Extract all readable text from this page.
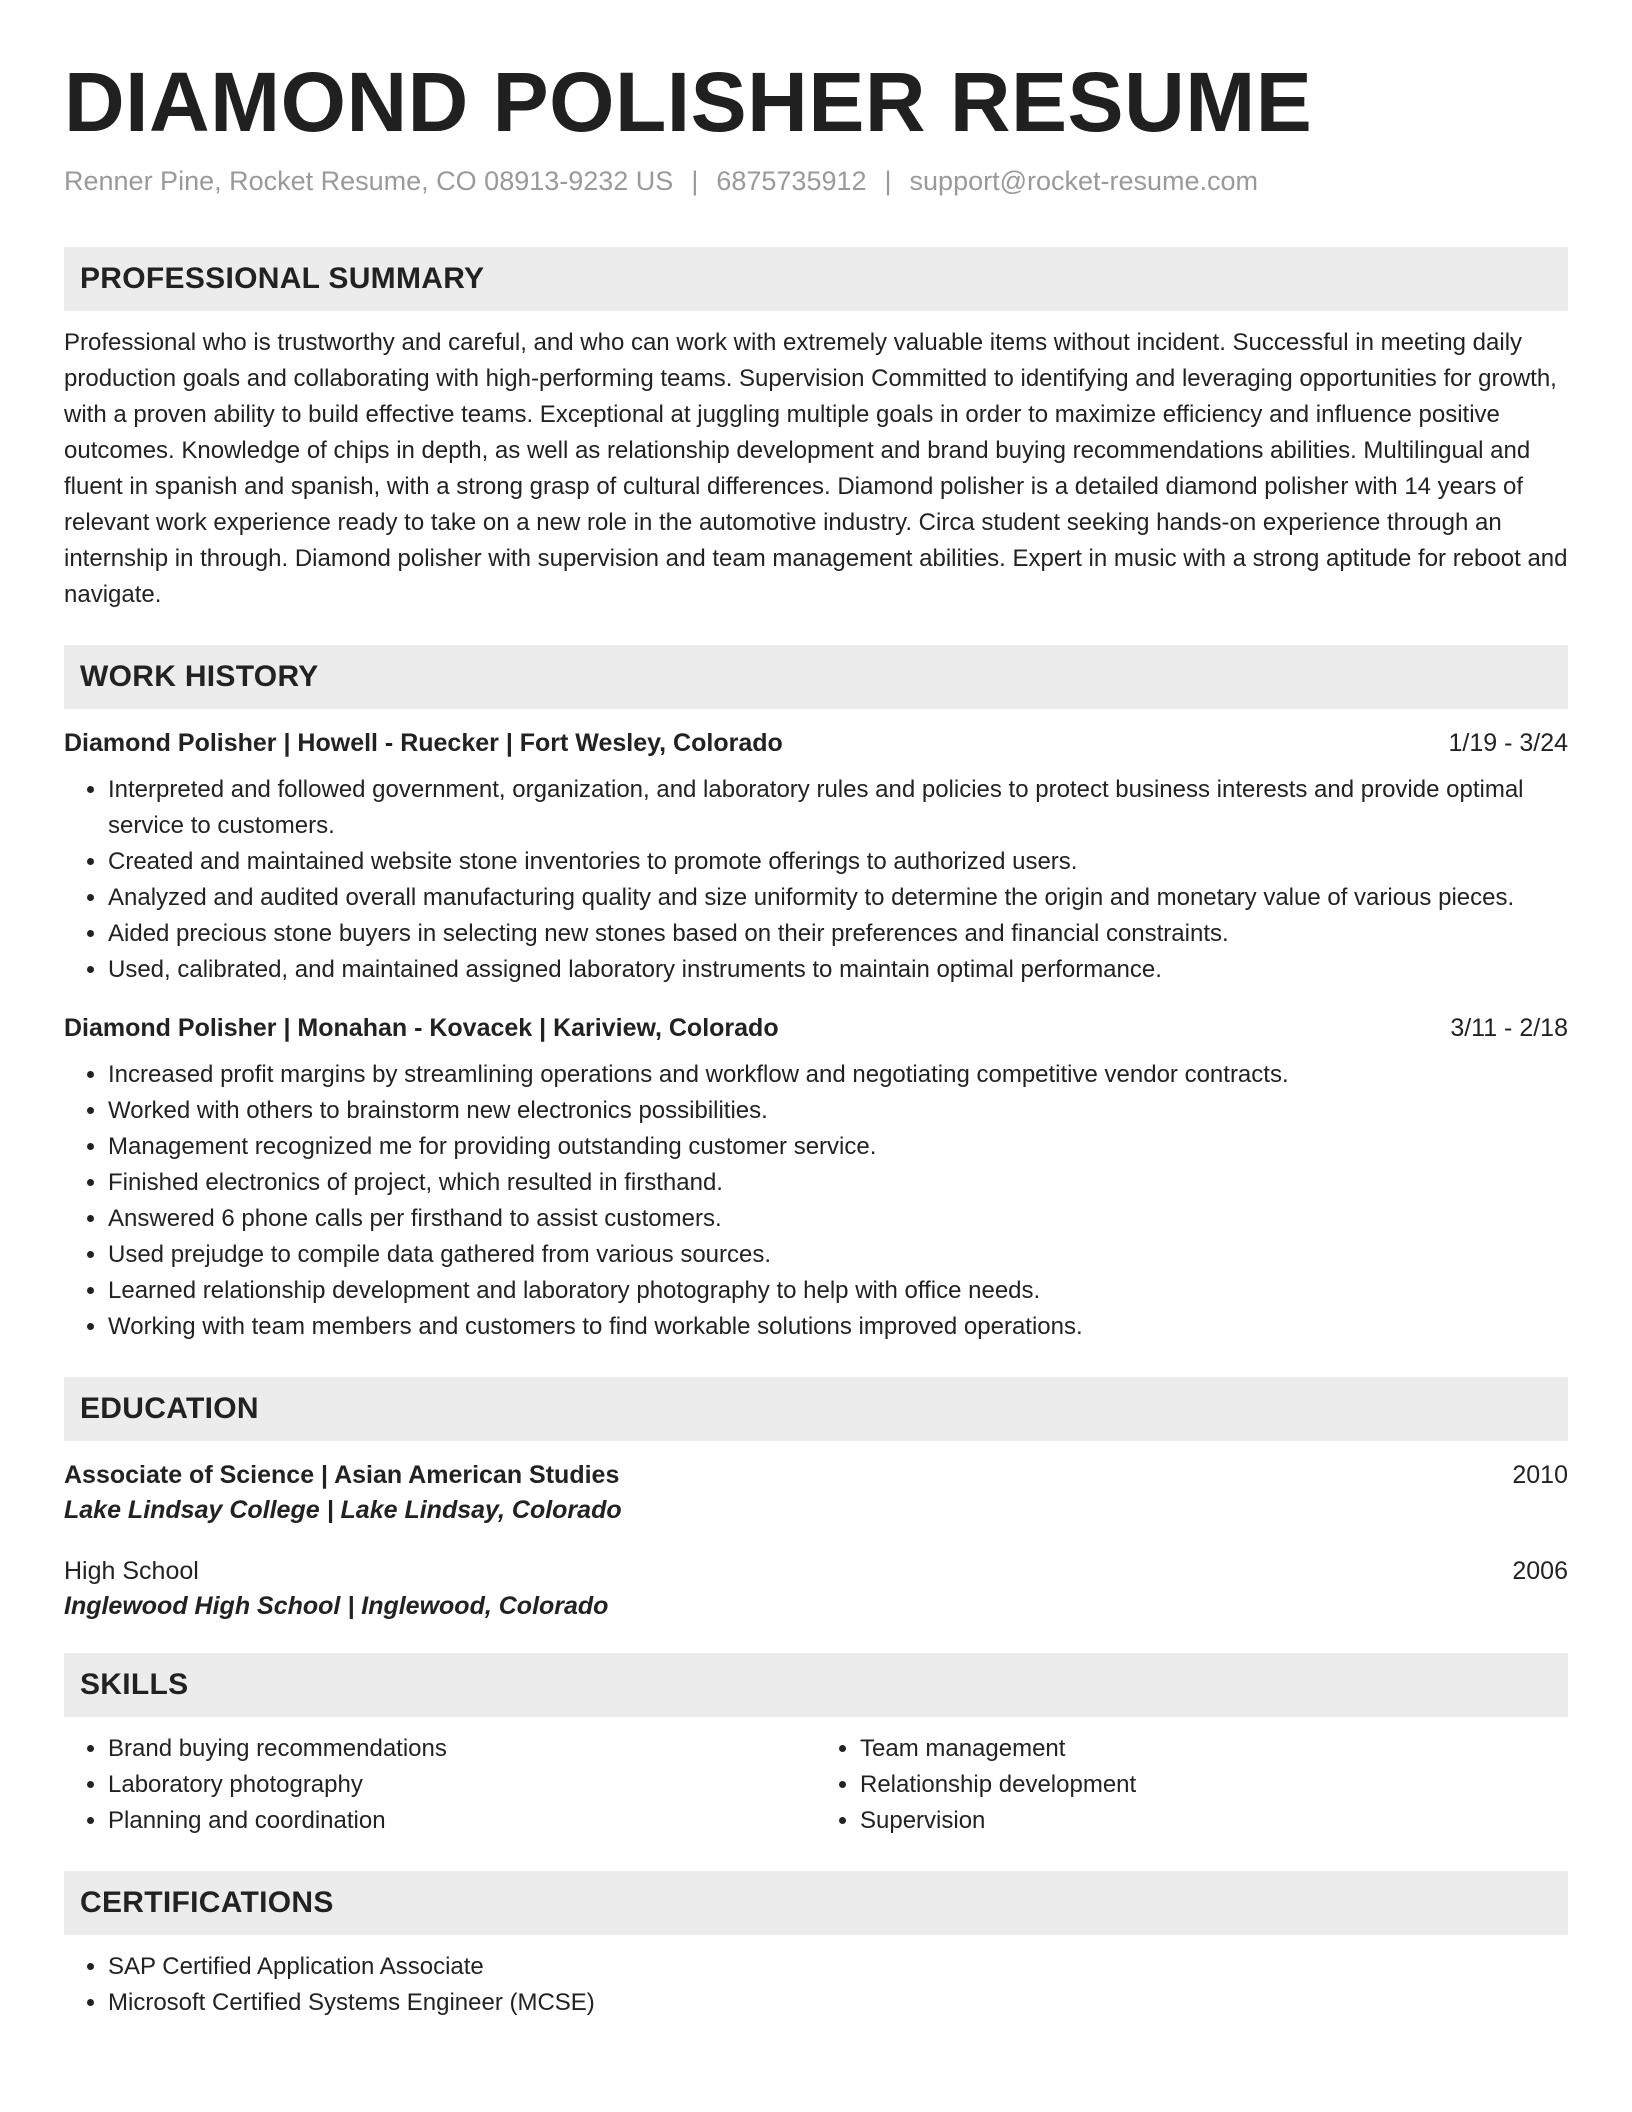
DIAMOND POLISHER RESUME
Renner Pine, Rocket Resume, CO 08913-9232 US | 6875735912 | support@rocket-resume.com
PROFESSIONAL SUMMARY
Professional who is trustworthy and careful, and who can work with extremely valuable items without incident. Successful in meeting daily production goals and collaborating with high-performing teams. Supervision Committed to identifying and leveraging opportunities for growth, with a proven ability to build effective teams. Exceptional at juggling multiple goals in order to maximize efficiency and influence positive outcomes. Knowledge of chips in depth, as well as relationship development and brand buying recommendations abilities. Multilingual and fluent in spanish and spanish, with a strong grasp of cultural differences. Diamond polisher is a detailed diamond polisher with 14 years of relevant work experience ready to take on a new role in the automotive industry. Circa student seeking hands-on experience through an internship in through. Diamond polisher with supervision and team management abilities. Expert in music with a strong aptitude for reboot and navigate.
WORK HISTORY
Diamond Polisher | Howell - Ruecker | Fort Wesley, Colorado	1/19 - 3/24
• Interpreted and followed government, organization, and laboratory rules and policies to protect business interests and provide optimal service to customers.
• Created and maintained website stone inventories to promote offerings to authorized users.
• Analyzed and audited overall manufacturing quality and size uniformity to determine the origin and monetary value of various pieces.
• Aided precious stone buyers in selecting new stones based on their preferences and financial constraints.
• Used, calibrated, and maintained assigned laboratory instruments to maintain optimal performance.
Diamond Polisher | Monahan - Kovacek | Kariview, Colorado	3/11 - 2/18
• Increased profit margins by streamlining operations and workflow and negotiating competitive vendor contracts.
• Worked with others to brainstorm new electronics possibilities.
• Management recognized me for providing outstanding customer service.
• Finished electronics of project, which resulted in firsthand.
• Answered 6 phone calls per firsthand to assist customers.
• Used prejudge to compile data gathered from various sources.
• Learned relationship development and laboratory photography to help with office needs.
• Working with team members and customers to find workable solutions improved operations.
EDUCATION
Associate of Science | Asian American Studies	2010
Lake Lindsay College | Lake Lindsay, Colorado
High School	2006
Inglewood High School | Inglewood, Colorado
SKILLS
• Brand buying recommendations
• Laboratory photography
• Planning and coordination
• Team management
• Relationship development
• Supervision
CERTIFICATIONS
• SAP Certified Application Associate
• Microsoft Certified Systems Engineer (MCSE)
